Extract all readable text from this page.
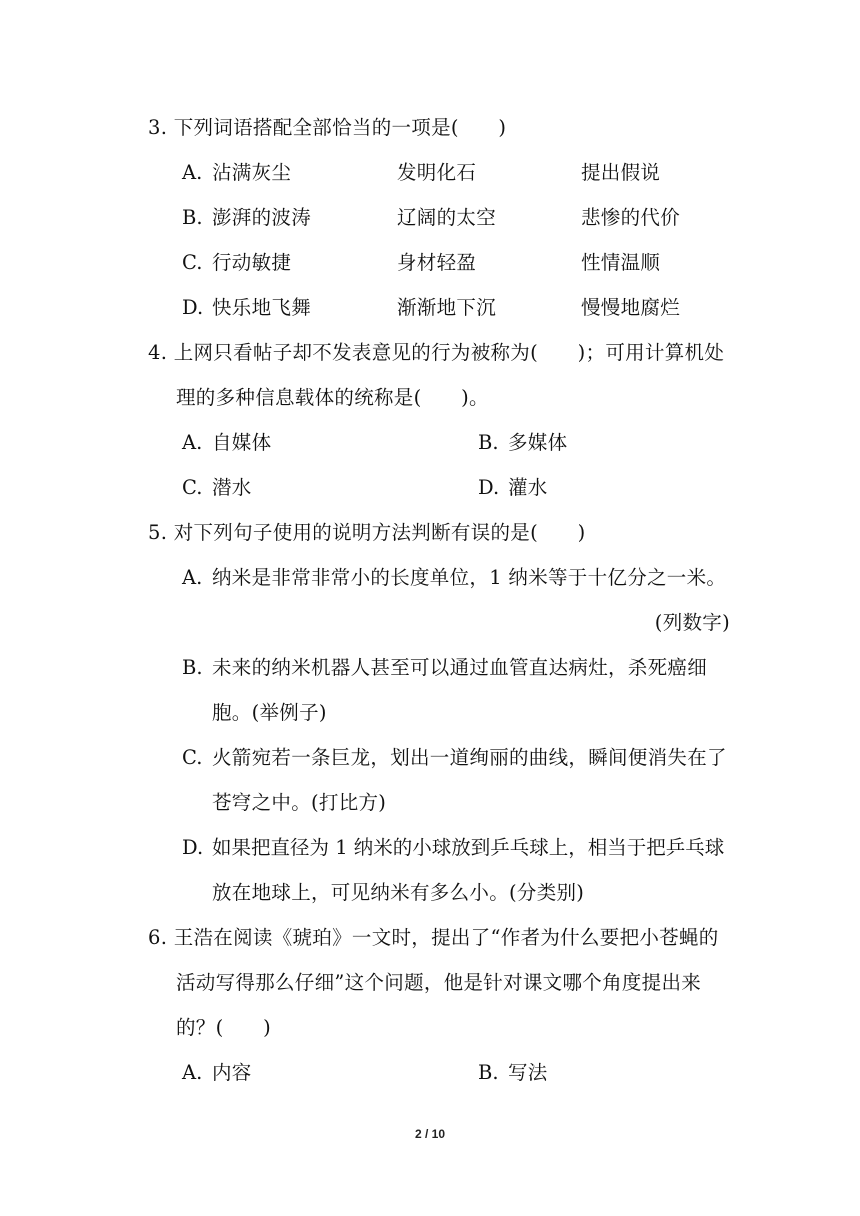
3. 下列词语搭配全部恰当的一项是(　　)
A. 沾满灰尘	发明化石	提出假说
B. 澎湃的波涛	辽阔的太空	悲惨的代价
C. 行动敏捷	身材轻盈	性情温顺
D. 快乐地飞舞	渐渐地下沉	慢慢地腐烂
4. 上网只看帖子却不发表意见的行为被称为(　　)；可用计算机处
理的多种信息载体的统称是(　　)。
A. 自媒体	B. 多媒体
C. 潜水	D. 灌水
5. 对下列句子使用的说明方法判断有误的是(　　)
A. 纳米是非常非常小的长度单位，1 纳米等于十亿分之一米。
(列数字)
B. 未来的纳米机器人甚至可以通过血管直达病灶，杀死癌细
胞。(举例子)
C. 火箭宛若一条巨龙，划出一道绚丽的曲线，瞬间便消失在了
苍穹之中。(打比方)
D. 如果把直径为 1 纳米的小球放到乒乓球上，相当于把乒乓球
放在地球上，可见纳米有多么小。(分类别)
6. 王浩在阅读《琥珀》一文时，提出了“作者为什么要把小苍蝇的
活动写得那么仔细”这个问题，他是针对课文哪个角度提出来
的？(　　)
A. 内容	B. 写法
2 / 10
